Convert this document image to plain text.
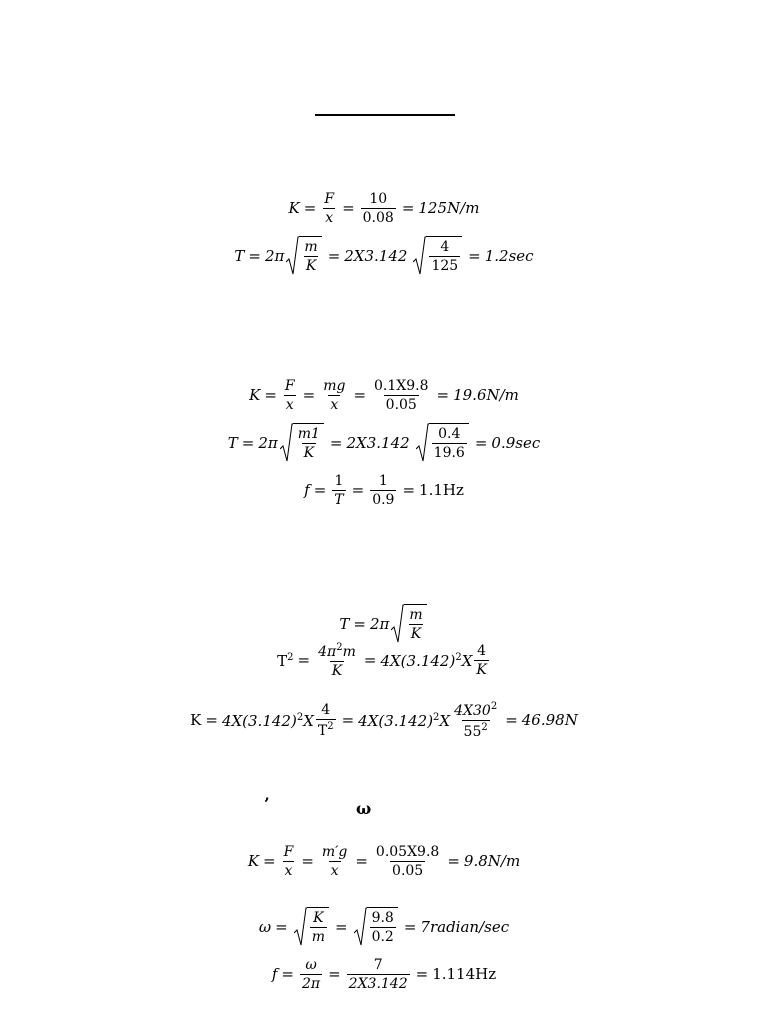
$K = \frac{F}{x} = \frac{10}{0.08} = 125N/m$
$T = 2\pi \frac{m}{K} = 2X3.142 \frac{4}{125} = 1.2\sec$
$K = \frac{F}{x} = \frac{mg}{x} = \frac{0.1X9.8}{0.05} = 19.6N/m$
$T = 2\pi \frac{m1}{K} = 2X3.142 \frac{0.4}{19.6} = 0.9\sec$
$f = \frac{1}{T} = \frac{1}{0.9} = 1.1Hz$
$T = 2\pi \frac{m}{K}$
$T^2 = \frac{4\pi^2m}{K} = 4X(3.142)^2X \frac{4}{K}$
$K = 4X(3.142)^2X \frac{4}{T^2} = 4X(3.142)^2X \frac{4X30^2}{55^2} = 46.98N$
’	ω
$K = \frac{F}{x} = \frac{m'g}{x} = \frac{0.05X9.8}{0.05} = 9.8N/m$
$\omega = \frac{K}{m} = \frac{9.8}{0.2}$ = 7radian/sec
$f = \frac{\omega}{2\pi} = \frac{7}{2X3.142} = 1.114Hz$
